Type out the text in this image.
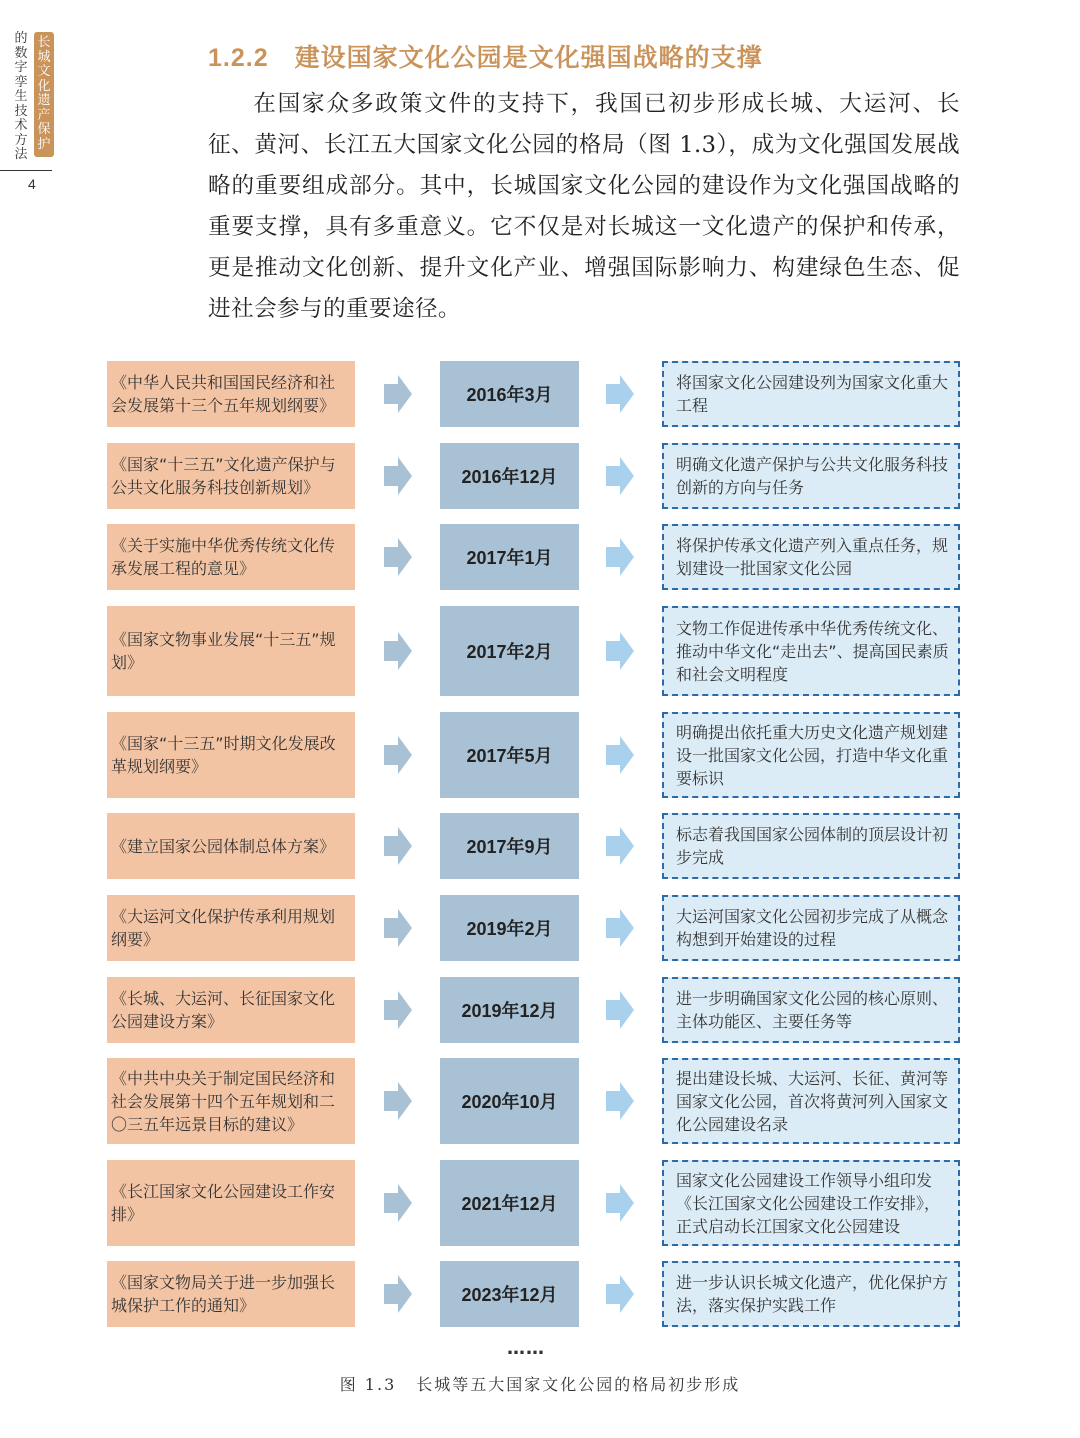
长城文化遗产保护
的数字孪生技术方法
4
1.2.2 建设国家文化公园是文化强国战略的支撑

在国家众多政策文件的支持下，我国已初步形成长城、大运河、长征、黄河、长江五大国家文化公园的格局（图 1.3），成为文化强国发展战略的重要组成部分。其中，长城国家文化公园的建设作为文化强国战略的重要支撑，具有多重意义。它不仅是对长城这一文化遗产的保护和传承，更是推动文化创新、提升文化产业、增强国际影响力、构建绿色生态、促进社会参与的重要途径。

《中华人民共和国国民经济和社会发展第十三个五年规划纲要》
2016年3月
将国家文化公园建设列为国家文化重大工程
《国家“十三五”文化遗产保护与公共文化服务科技创新规划》
2016年12月
明确文化遗产保护与公共文化服务科技创新的方向与任务
《关于实施中华优秀传统文化传承发展工程的意见》
2017年1月
将保护传承文化遗产列入重点任务，规划建设一批国家文化公园
《国家文物事业发展“十三五”规划》
2017年2月
文物工作促进传承中华优秀传统文化、推动中华文化“走出去”、提高国民素质和社会文明程度
《国家“十三五”时期文化发展改革规划纲要》
2017年5月
明确提出依托重大历史文化遗产规划建设一批国家文化公园，打造中华文化重要标识
《建立国家公园体制总体方案》	2017年9月
标志着我国国家公园体制的顶层设计初步完成
《大运河文化保护传承利用规划纲要》
2019年2月
大运河国家文化公园初步完成了从概念构想到开始建设的过程
《长城、大运河、长征国家文化公园建设方案》
2019年12月
进一步明确国家文化公园的核心原则、主体功能区、主要任务等
《中共中央关于制定国民经济和社会发展第十四个五年规划和二〇三五年远景目标的建议》
2020年10月
提出建设长城、大运河、长征、黄河等国家文化公园，首次将黄河列入国家文化公园建设名录
《长江国家文化公园建设工作安排》
2021年12月
国家文化公园建设工作领导小组印发《长江国家文化公园建设工作安排》，正式启动长江国家文化公园建设
《国家文物局关于进一步加强长城保护工作的通知》
2023年12月
进一步认识长城文化遗产，优化保护方法，落实保护实践工作
……
图 1.3 长城等五大国家文化公园的格局初步形成
